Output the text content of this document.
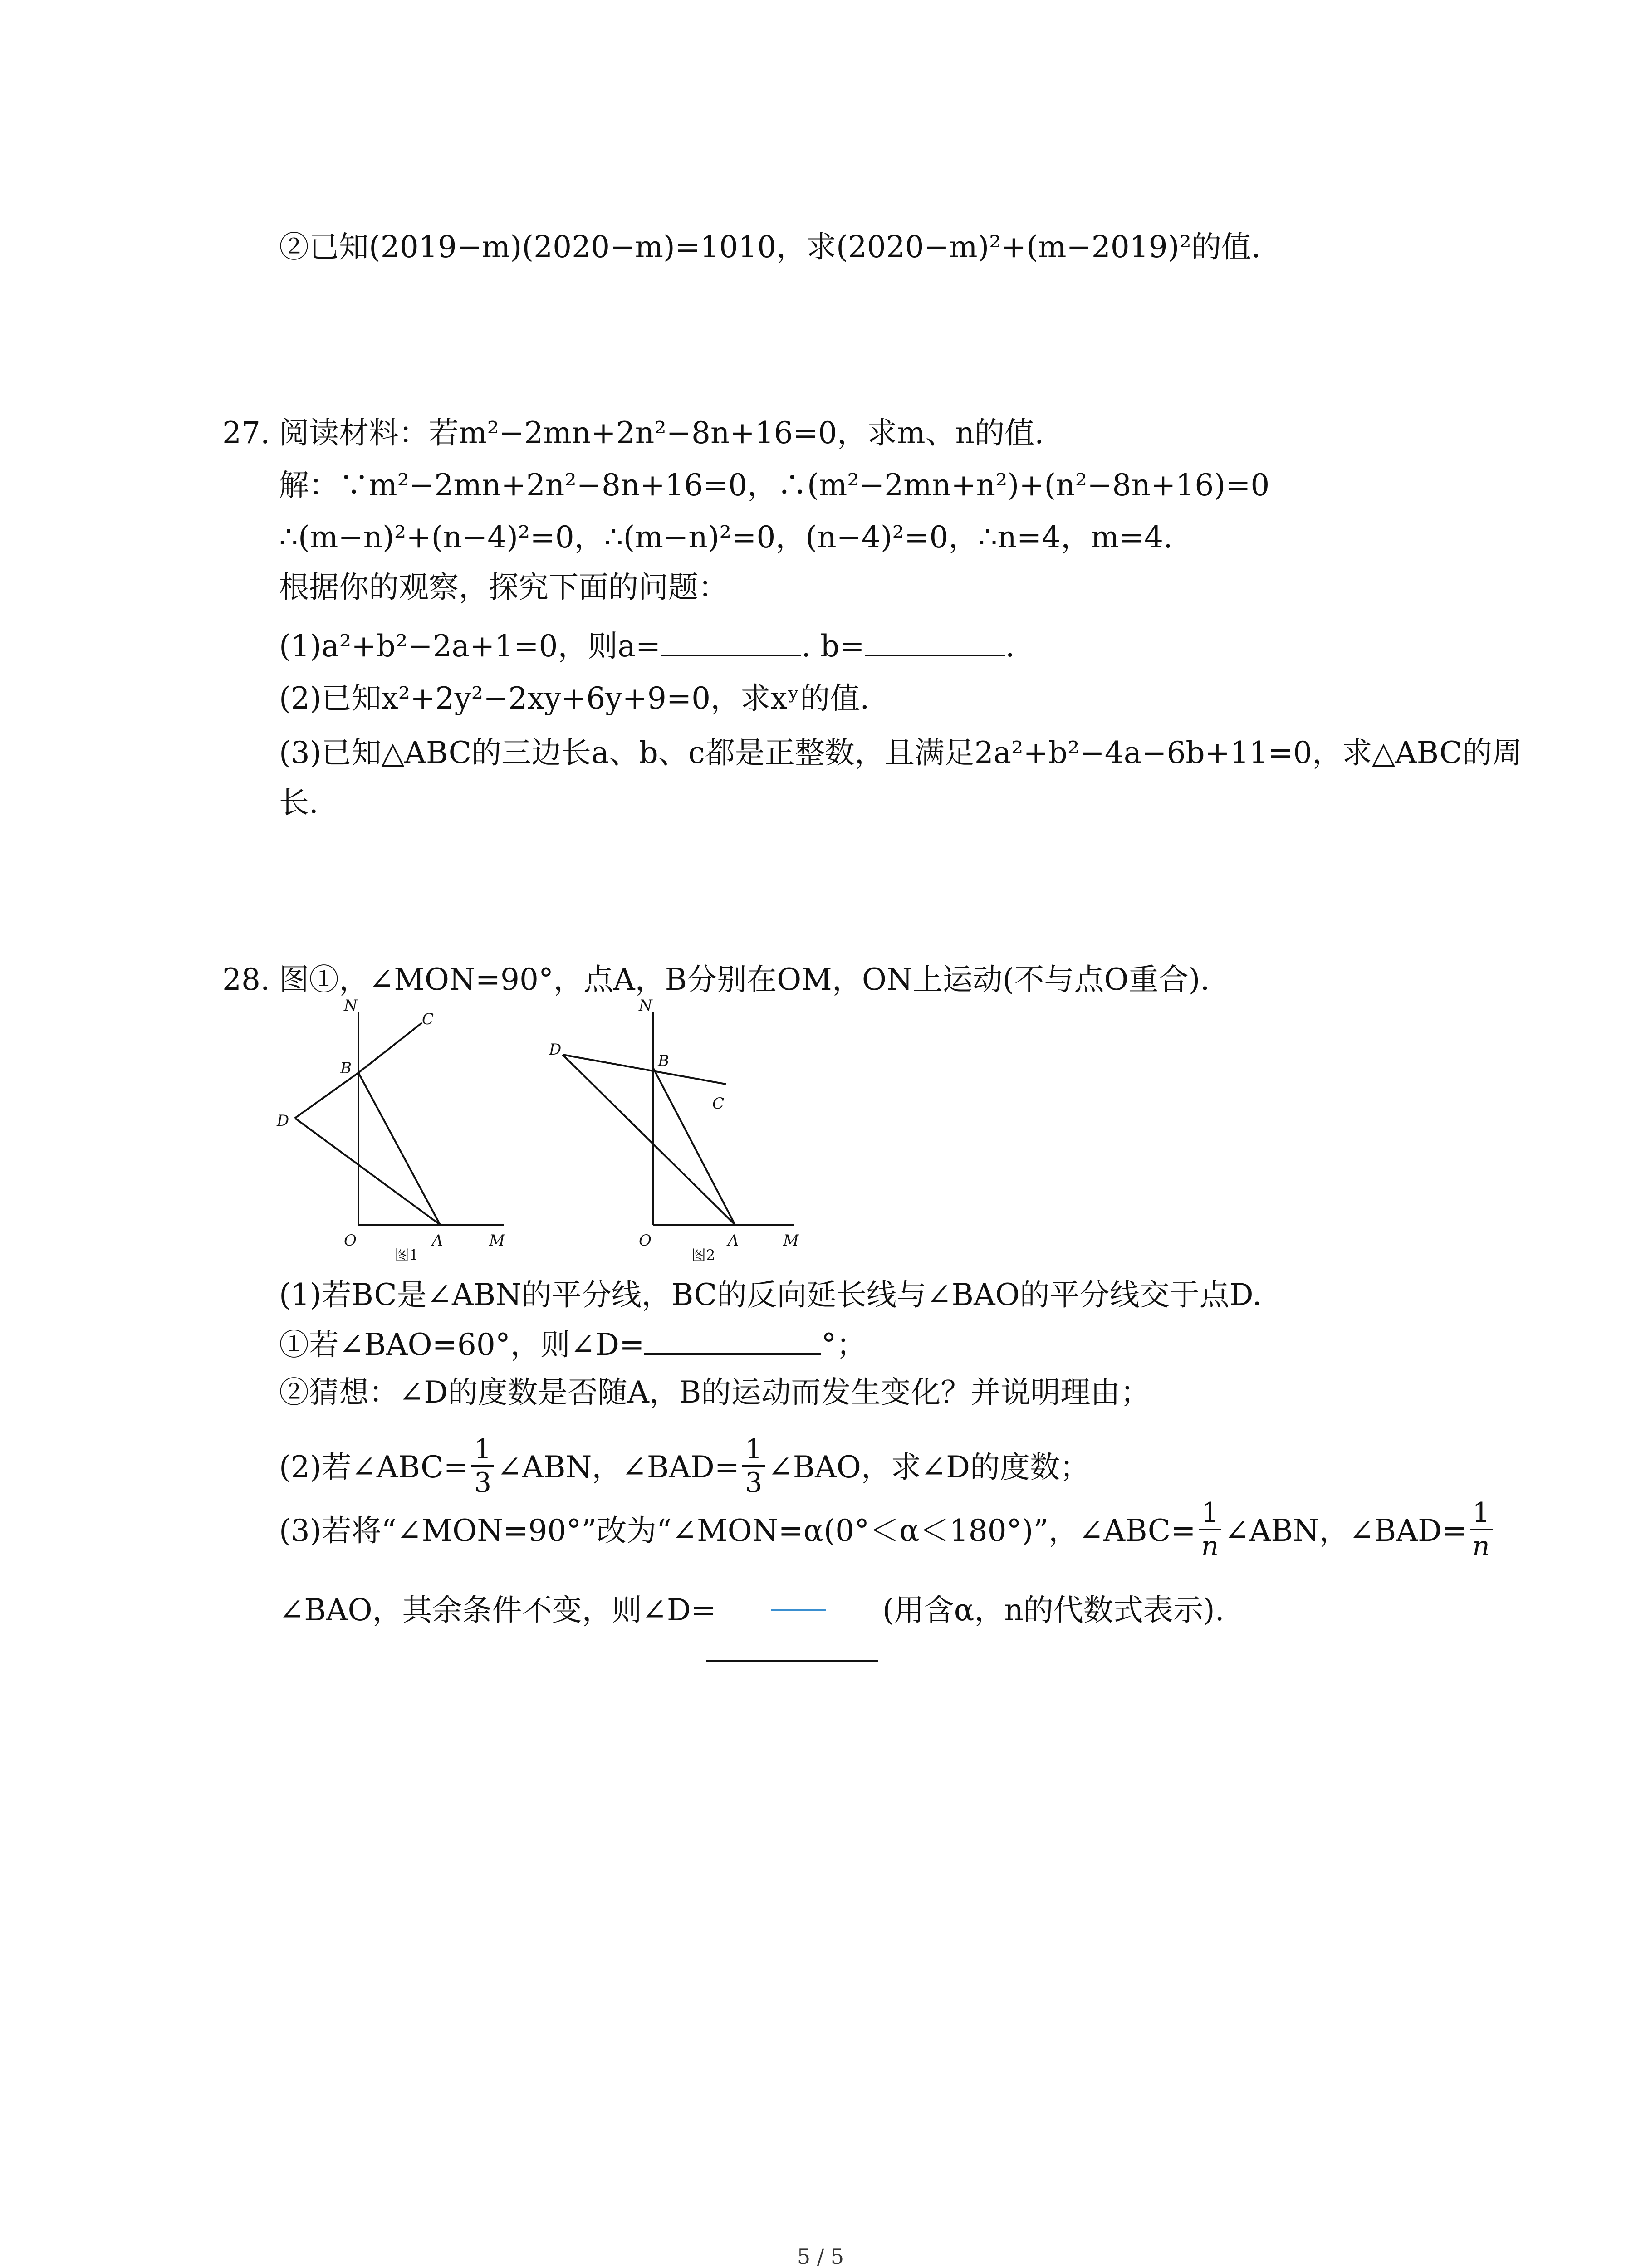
②已知(2019−m)(2020−m)=1010，求(2020−m)²+(m−2019)²的值.
27. 阅读材料：若m²−2mn+2n²−8n+16=0，求m、n的值.
解：∵m²−2mn+2n²−8n+16=0，∴(m²−2mn+n²)+(n²−8n+16)=0
∴(m−n)²+(n−4)²=0，∴(m−n)²=0，(n−4)²=0，∴n=4，m=4.
根据你的观察，探究下面的问题：
(1)a²+b²−2a+1=0，则a=	. b=	.
(2)已知x²+2y²−2xy+6y+9=0，求xʸ的值.
(3)已知△ABC的三边长a、b、c都是正整数，且满足2a²+b²−4a−6b+11=0，求△ABC的周
长.
28. 图①，∠MON=90°，点A，B分别在OM，ON上运动(不与点O重合).
N
C
B
D
O	A	M
图1
N
D
B
C
O	A	M
图2
(1)若BC是∠ABN的平分线，BC的反向延长线与∠BAO的平分线交于点D.
①若∠BAO=60°，则∠D=	°；
②猜想：∠D的度数是否随A，B的运动而发生变化？并说明理由；
(2)若∠ABC= $\frac{1}{3}$ ∠ABN，∠BAD= $\frac{1}{3}$ ∠BAO，求∠D的度数；
(3)若将“∠MON=90°”改为“∠MON=α(0°＜α＜180°)”，∠ABC= $\frac{1}{n}$ ∠ABN，∠BAD= $\frac{1}{n}$
∠BAO，其余条件不变，则∠D=	(用含α，n的代数式表示).
5 / 5
